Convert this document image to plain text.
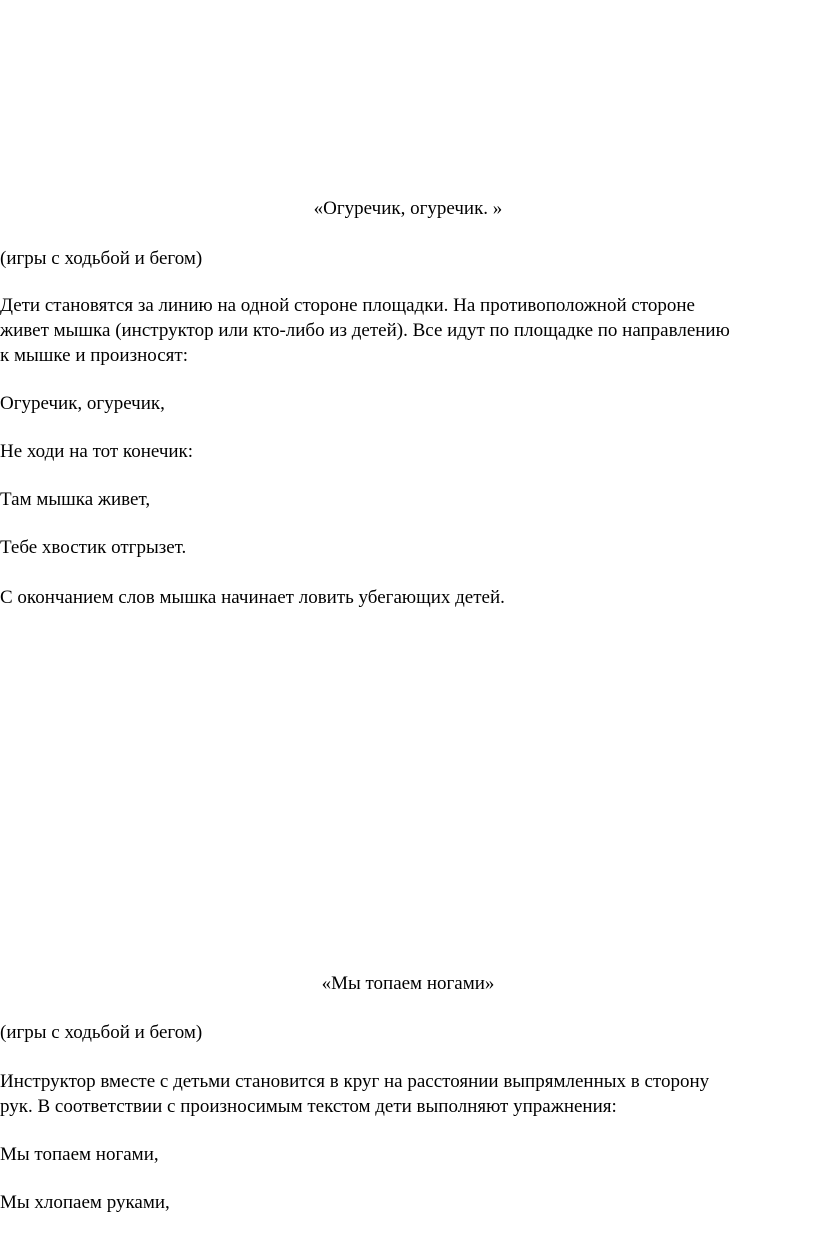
«Огуречик, огуречик. »

(игры с ходьбой и бегом)

Дети становятся за линию на одной стороне площадки. На противоположной стороне
живет мышка (инструктор или кто-либо из детей). Все идут по площадке по направлению
к мышке и произносят:

Огуречик, огуречик,

Не ходи на тот конечик:

Там мышка живет,

Тебе хвостик отгрызет.

С окончанием слов мышка начинает ловить убегающих детей.

«Мы топаем ногами»

(игры с ходьбой и бегом)

Инструктор вместе с детьми становится в круг на расстоянии выпрямленных в сторону
рук. В соответствии с произносимым текстом дети выполняют упражнения:

Мы топаем ногами,

Мы хлопаем руками,
